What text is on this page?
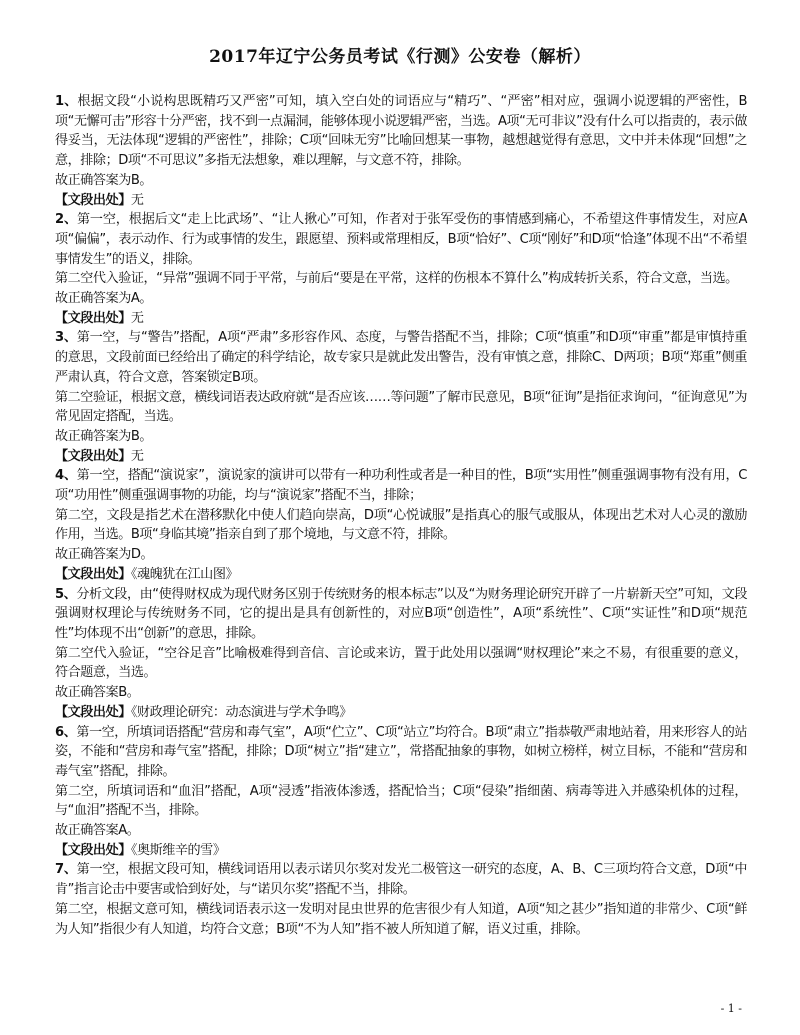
2017年辽宁公务员考试《行测》公安卷（解析）

1、根据文段“小说构思既精巧又严密”可知，填入空白处的词语应与“精巧”、“严密”相对应，强调小说逻辑的严密性，B项“无懈可击”形容十分严密，找不到一点漏洞，能够体现小说逻辑严密，当选。A项“无可非议”没有什么可以指责的，表示做得妥当，无法体现“逻辑的严密性”，排除；C项“回味无穷”比喻回想某一事物，越想越觉得有意思，文中并未体现“回想”之意，排除；D项“不可思议”多指无法想象，难以理解，与文意不符，排除。

故正确答案为B。

【文段出处】无

2、第一空，根据后文“走上比武场”、“让人揪心”可知，作者对于张军受伤的事情感到痛心，不希望这件事情发生，对应A项“偏偏”，表示动作、行为或事情的发生，跟愿望、预料或常理相反，B项“恰好”、C项“刚好”和D项“恰逢”体现不出“不希望事情发生”的语义，排除。

第二空代入验证，“异常”强调不同于平常，与前后“要是在平常，这样的伤根本不算什么”构成转折关系，符合文意，当选。

故正确答案为A。

【文段出处】无

3、第一空，与“警告”搭配，A项“严肃”多形容作风、态度，与警告搭配不当，排除；C项“慎重”和D项“审重”都是审慎持重的意思，文段前面已经给出了确定的科学结论，故专家只是就此发出警告，没有审慎之意，排除C、D两项；B项“郑重”侧重严肃认真，符合文意，答案锁定B项。

第二空验证，根据文意，横线词语表达政府就“是否应该……等问题”了解市民意见，B项“征询”是指征求询问，“征询意见”为常见固定搭配，当选。

故正确答案为B。

【文段出处】无

4、第一空，搭配“演说家”，演说家的演讲可以带有一种功利性或者是一种目的性，B项“实用性”侧重强调事物有没有用，C项“功用性”侧重强调事物的功能，均与“演说家”搭配不当，排除；

第二空，文段是指艺术在潜移默化中使人们趋向崇高，D项“心悦诚服”是指真心的服气或服从，体现出艺术对人心灵的激励作用，当选。B项“身临其境”指亲自到了那个境地，与文意不符，排除。

故正确答案为D。

【文段出处】《魂魄犹在江山图》

5、分析文段，由“使得财权成为现代财务区别于传统财务的根本标志”以及“为财务理论研究开辟了一片崭新天空”可知，文段强调财权理论与传统财务不同，它的提出是具有创新性的，对应B项“创造性”，A项“系统性”、C项“实证性”和D项“规范性”均体现不出“创新”的意思，排除。

第二空代入验证，“空谷足音”比喻极难得到音信、言论或来访，置于此处用以强调“财权理论”来之不易，有很重要的意义，符合题意，当选。

故正确答案B。

【文段出处】《财政理论研究：动态演进与学术争鸣》

6、第一空，所填词语搭配“营房和毒气室”，A项“伫立”、C项“站立”均符合。B项“肃立”指恭敬严肃地站着，用来形容人的站姿，不能和“营房和毒气室”搭配，排除；D项“树立”指“建立”，常搭配抽象的事物，如树立榜样，树立目标，不能和“营房和毒气室”搭配，排除。

第二空，所填词语和“血泪”搭配，A项“浸透”指液体渗透，搭配恰当；C项“侵染”指细菌、病毒等进入并感染机体的过程，与“血泪”搭配不当，排除。

故正确答案A。

【文段出处】《奥斯维辛的雪》

7、第一空，根据文段可知，横线词语用以表示诺贝尔奖对发光二极管这一研究的态度，A、B、C三项均符合文意，D项“中肯”指言论击中要害或恰到好处，与“诺贝尔奖”搭配不当，排除。

第二空，根据文意可知，横线词语表示这一发明对昆虫世界的危害很少有人知道，A项“知之甚少”指知道的非常少、C项“鲜为人知”指很少有人知道，均符合文意；B项“不为人知”指不被人所知道了解，语义过重，排除。

- 1 -
